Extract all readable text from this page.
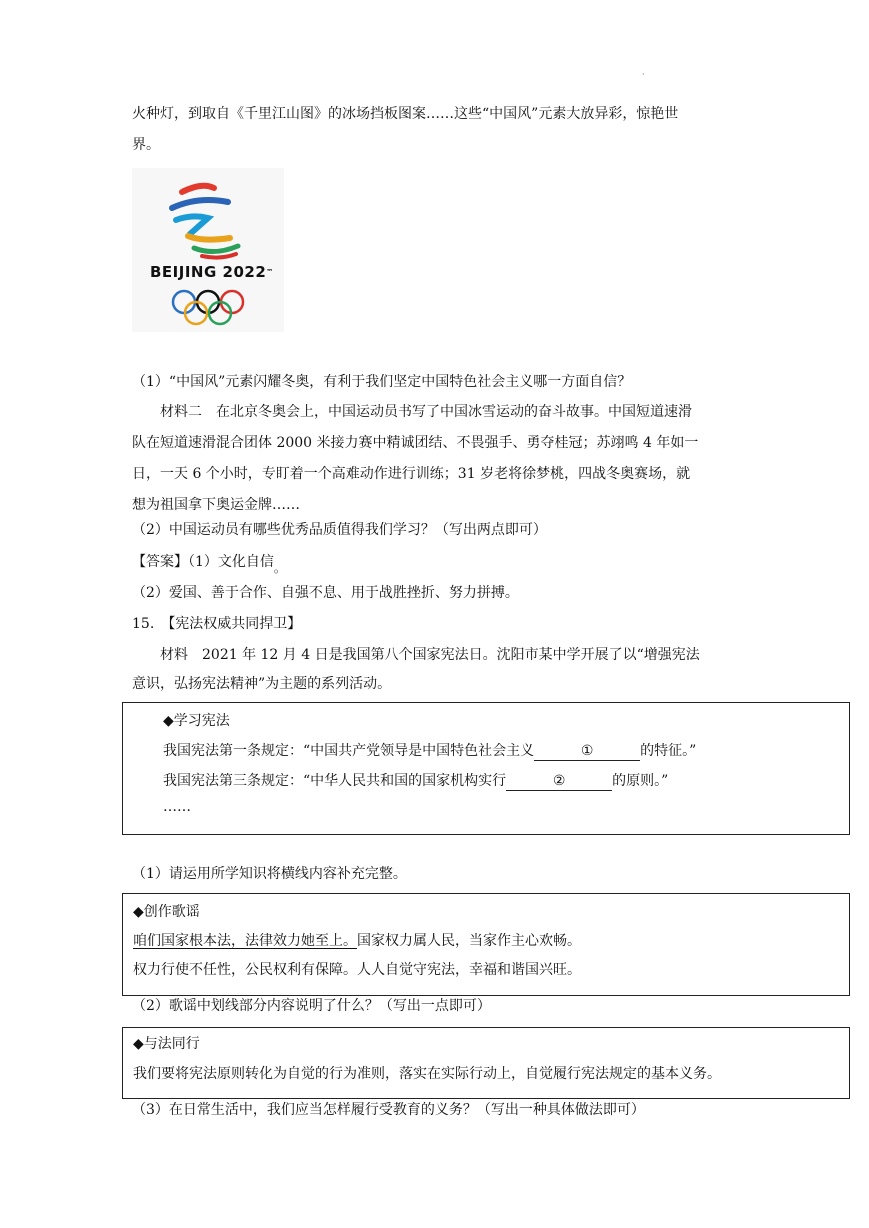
·
火种灯，到取自《千里江山图》的冰场挡板图案……这些“中国风”元素大放异彩，惊艳世
界。
BEIJING 2022™
（1）“中国风”元素闪耀冬奥，有利于我们坚定中国特色社会主义哪一方面自信？
材料二　在北京冬奥会上，中国运动员书写了中国冰雪运动的奋斗故事。中国短道速滑
队在短道速滑混合团体 2000 米接力赛中精诚团结、不畏强手、勇夺桂冠；苏翊鸣 4 年如一
日，一天 6 个小时，专盯着一个高难动作进行训练；31 岁老将徐梦桃，四战冬奥赛场，就
想为祖国拿下奥运金牌……
（2）中国运动员有哪些优秀品质值得我们学习？（写出两点即可）
【答案】（1）文化自信。
（2）爱国、善于合作、自强不息、用于战胜挫折、努力拼搏。
15.　【宪法权威共同捍卫】
材料　2021 年 12 月 4 日是我国第八个国家宪法日。沈阳市某中学开展了以“增强宪法
意识，弘扬宪法精神”为主题的系列活动。
◆学习宪法
我国宪法第一条规定：“中国共产党领导是中国特色社会主义	①	的特征。”
我国宪法第三条规定：“中华人民共和国的国家机构实行	②	的原则。”
……
（1）请运用所学知识将横线内容补充完整。
◆创作歌谣
咱们国家根本法，法律效力她至上。国家权力属人民，当家作主心欢畅。
权力行使不任性，公民权利有保障。人人自觉守宪法，幸福和谐国兴旺。
（2）歌谣中划线部分内容说明了什么？（写出一点即可）
◆与法同行
我们要将宪法原则转化为自觉的行为准则，落实在实际行动上，自觉履行宪法规定的基本义务。
（3）在日常生活中，我们应当怎样履行受教育的义务？（写出一种具体做法即可）
